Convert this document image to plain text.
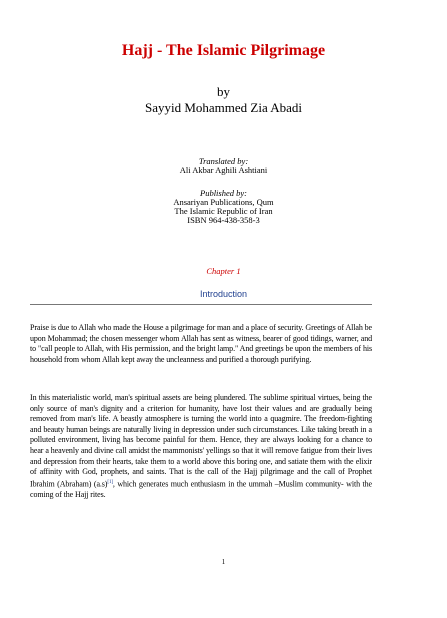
Hajj - The Islamic Pilgrimage
by
Sayyid Mohammed Zia Abadi
Translated by:
Ali Akbar Aghili Ashtiani
Published by:
Ansariyan Publications, Qum
The Islamic Republic of Iran
ISBN 964-438-358-3
Chapter 1
Introduction

Praise is due to Allah who made the House a pilgrimage for man and a place of security. Greetings of Allah be upon Mohammad; the chosen messenger whom Allah has sent as witness, bearer of good tidings, warner, and to "call people to Allah, with His permission, and the bright lamp." And greetings be upon the members of his household from whom Allah kept away the uncleanness and purified a thorough purifying.

In this materialistic world, man's spiritual assets are being plundered. The sublime spiritual virtues, being the only source of man's dignity and a criterion for humanity, have lost their values and are gradually being removed from man's life. A beastly atmosphere is turning the world into a quagmire. The freedom-fighting and beauty human beings are naturally living in depression under such circumstances. Like taking breath in a polluted environment, living has become painful for them. Hence, they are always looking for a chance to hear a heavenly and divine call amidst the mammonists' yellings so that it will remove fatigue from their lives and depression from their hearts, take them to a world above this boring one, and satiate them with the elixir of affinity with God, prophets, and saints. That is the call of the Hajj pilgrimage and the call of Prophet Ibrahim (Abraham) (a.s)[1], which generates much enthusiasm in the ummah –Muslim community- with the coming of the Hajj rites.

1
